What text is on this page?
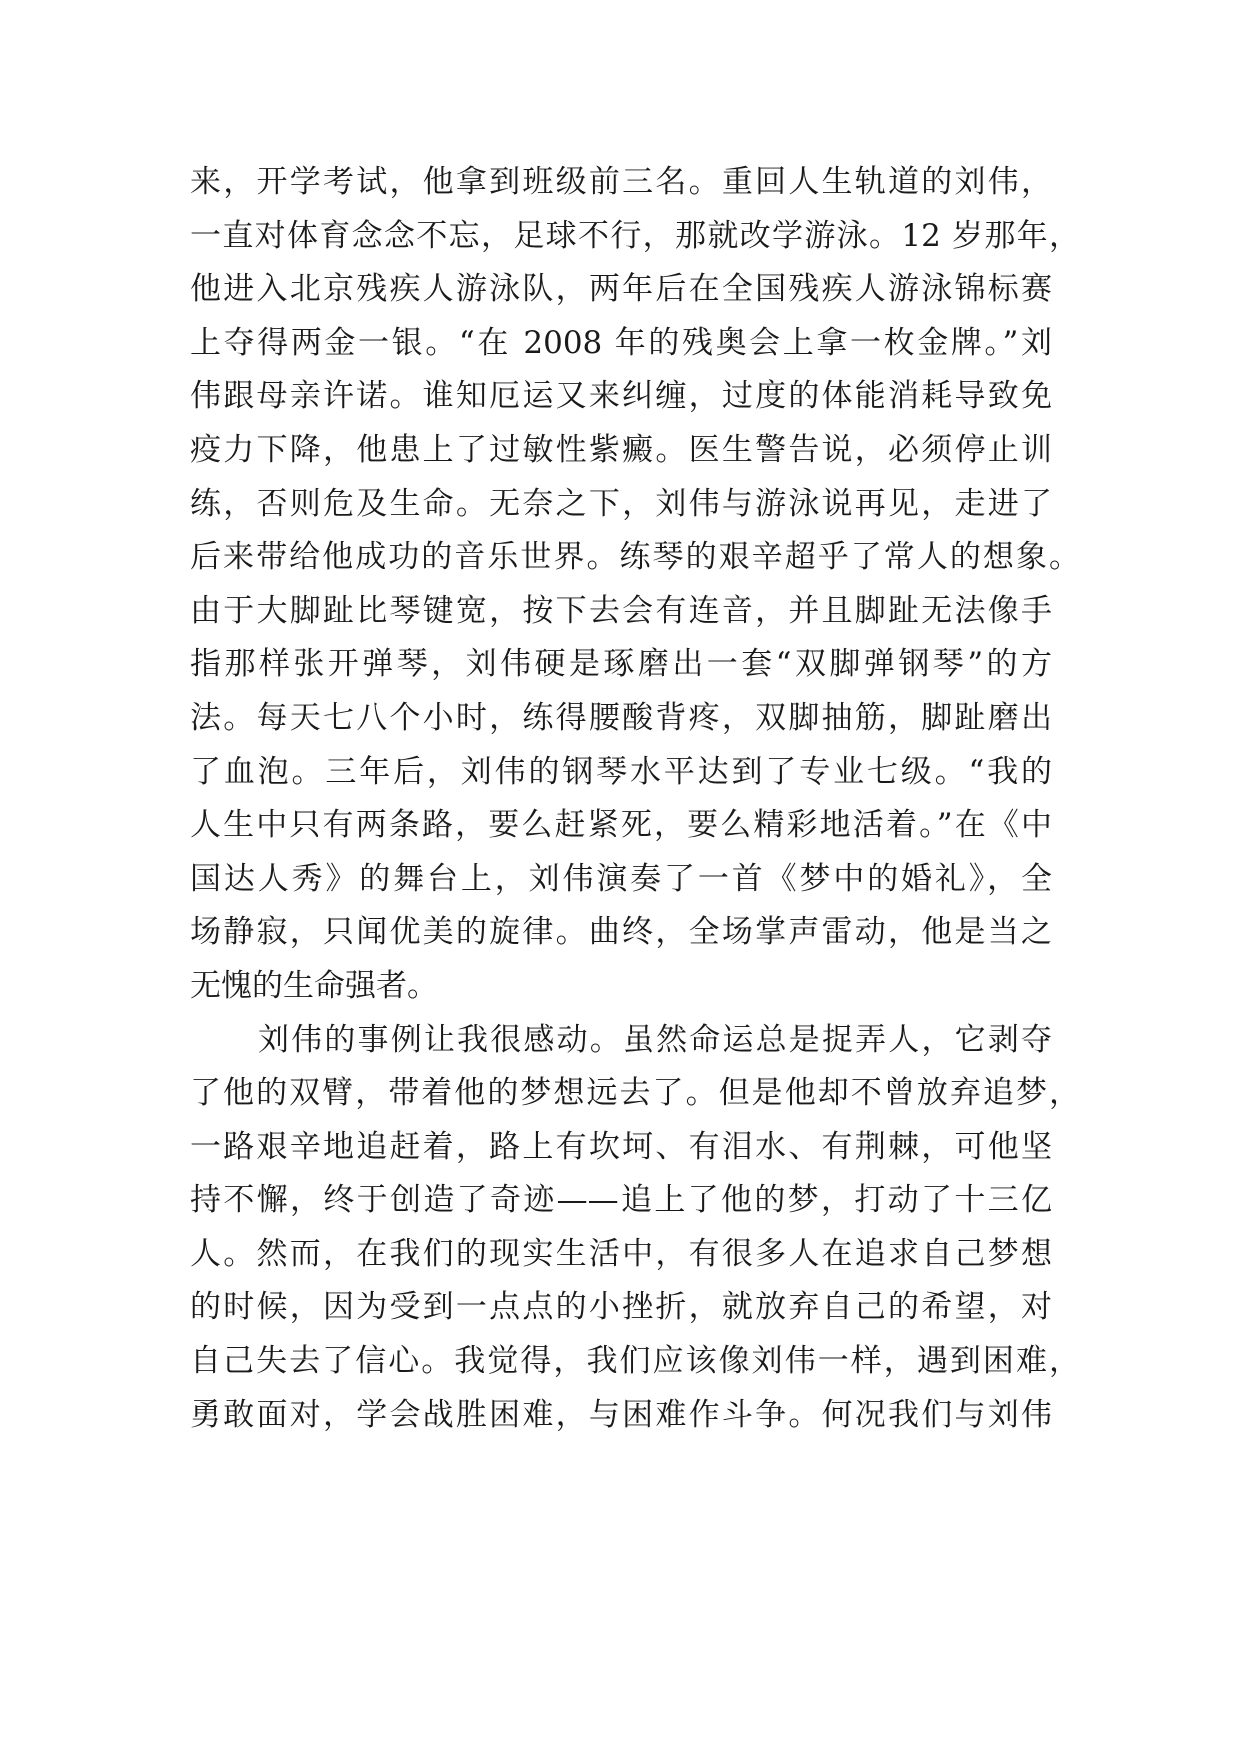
来，开学考试，他拿到班级前三名。重回人生轨道的刘伟，
一直对体育念念不忘，足球不行，那就改学游泳。12 岁那年，
他进入北京残疾人游泳队，两年后在全国残疾人游泳锦标赛
上夺得两金一银。“在 2008 年的残奥会上拿一枚金牌。”刘
伟跟母亲许诺。谁知厄运又来纠缠，过度的体能消耗导致免
疫力下降，他患上了过敏性紫癜。医生警告说，必须停止训
练，否则危及生命。无奈之下，刘伟与游泳说再见，走进了
后来带给他成功的音乐世界。练琴的艰辛超乎了常人的想象。
由于大脚趾比琴键宽，按下去会有连音，并且脚趾无法像手
指那样张开弹琴，刘伟硬是琢磨出一套“双脚弹钢琴”的方
法。每天七八个小时，练得腰酸背疼，双脚抽筋，脚趾磨出
了血泡。三年后，刘伟的钢琴水平达到了专业七级。“我的
人生中只有两条路，要么赶紧死，要么精彩地活着。”在《中
国达人秀》的舞台上，刘伟演奏了一首《梦中的婚礼》，全
场静寂，只闻优美的旋律。曲终，全场掌声雷动，他是当之
无愧的生命强者。
刘伟的事例让我很感动。虽然命运总是捉弄人，它剥夺
了他的双臂，带着他的梦想远去了。但是他却不曾放弃追梦，
一路艰辛地追赶着，路上有坎坷、有泪水、有荆棘，可他坚
持不懈，终于创造了奇迹——追上了他的梦，打动了十三亿
人。然而，在我们的现实生活中，有很多人在追求自己梦想
的时候，因为受到一点点的小挫折，就放弃自己的希望，对
自己失去了信心。我觉得，我们应该像刘伟一样，遇到困难，
勇敢面对，学会战胜困难，与困难作斗争。何况我们与刘伟
